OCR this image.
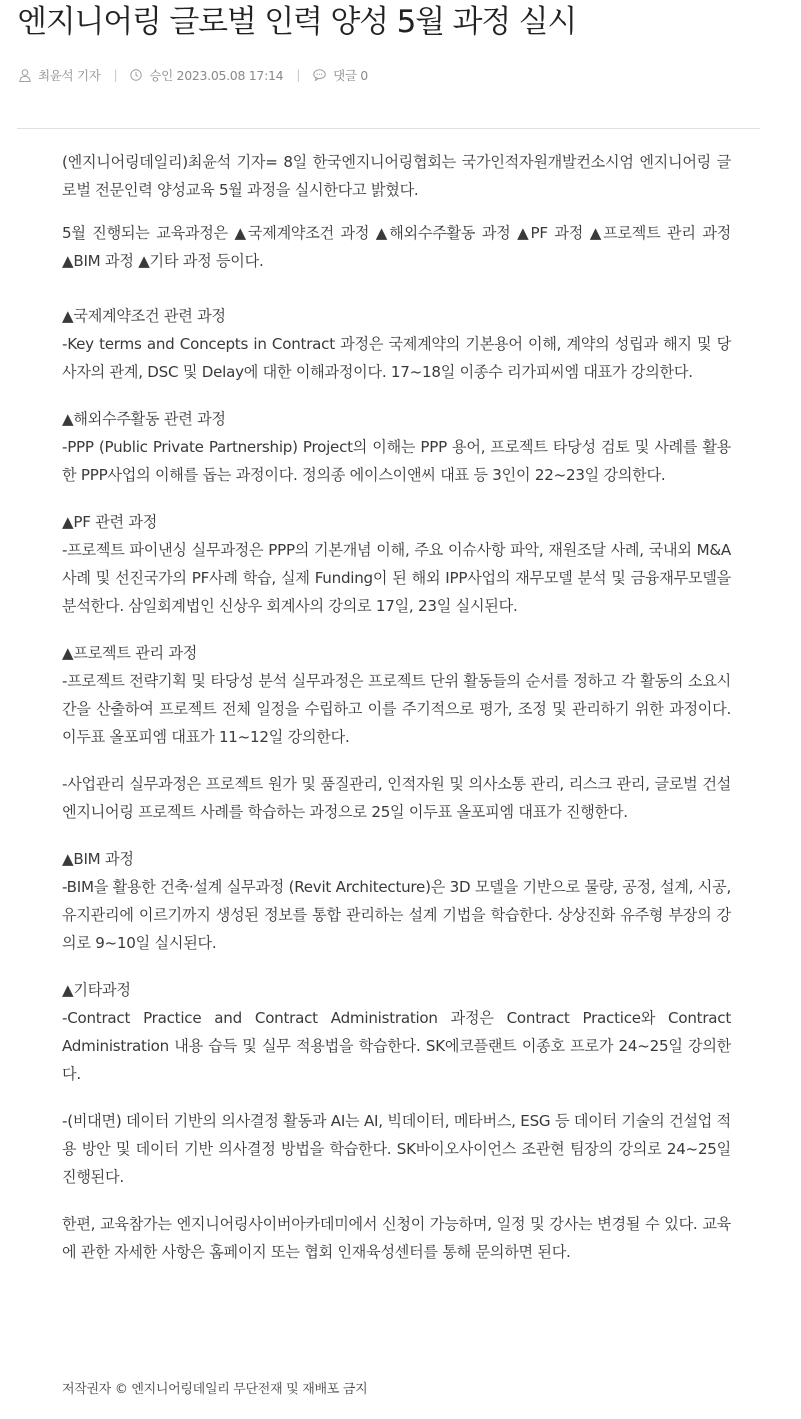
엔지니어링 글로벌 인력 양성 5월 과정 실시
최윤석 기자 |	승인 2023.05.08 17:14 |	댓글 0

(엔지니어링데일리)최윤석 기자= 8일 한국엔지니어링협회는 국가인적자원개발컨소시엄 엔지니어링 글로벌 전문인력 양성교육 5월 과정을 실시한다고 밝혔다.

5월 진행되는 교육과정은 ▲국제계약조건 과정 ▲해외수주활동 과정 ▲PF 과정 ▲프로젝트 관리 과정 ▲BIM 과정 ▲기타 과정 등이다.

▲국제계약조건 관련 과정
-Key terms and Concepts in Contract 과정은 국제계약의 기본용어 이해, 계약의 성립과 해지 및 당사자의 관계, DSC 및 Delay에 대한 이해과정이다. 17~18일 이종수 리가피씨엠 대표가 강의한다.

▲해외수주활동 관련 과정
-PPP (Public Private Partnership) Project의 이해는 PPP 용어, 프로젝트 타당성 검토 및 사례를 활용한 PPP사업의 이해를 돕는 과정이다. 정의종 에이스이앤씨 대표 등 3인이 22~23일 강의한다.

▲PF 관련 과정
-프로젝트 파이낸싱 실무과정은 PPP의 기본개념 이해, 주요 이슈사항 파악, 재원조달 사례, 국내외 M&A 사례 및 선진국가의 PF사례 학습, 실제 Funding이 된 해외 IPP사업의 재무모델 분석 및 금융재무모델을 분석한다. 삼일회계법인 신상우 회계사의 강의로 17일, 23일 실시된다.

▲프로젝트 관리 과정
-프로젝트 전략기획 및 타당성 분석 실무과정은 프로젝트 단위 활동들의 순서를 정하고 각 활동의 소요시간을 산출하여 프로젝트 전체 일정을 수립하고 이를 주기적으로 평가, 조정 및 관리하기 위한 과정이다. 이두표 올포피엠 대표가 11~12일 강의한다.

-사업관리 실무과정은 프로젝트 원가 및 품질관리, 인적자원 및 의사소통 관리, 리스크 관리, 글로벌 건설엔지니어링 프로젝트 사례를 학습하는 과정으로 25일 이두표 올포피엠 대표가 진행한다.

▲BIM 과정
-BIM을 활용한 건축·설계 실무과정 (Revit Architecture)은 3D 모델을 기반으로 물량, 공정, 설계, 시공, 유지관리에 이르기까지 생성된 정보를 통합 관리하는 설계 기법을 학습한다. 상상진화 유주형 부장의 강의로 9~10일 실시된다.

▲기타과정
-Contract Practice and Contract Administration 과정은 Contract Practice와 Contract Administration 내용 습득 및 실무 적용법을 학습한다. SK에코플랜트 이종호 프로가 24~25일 강의한다.

-(비대면) 데이터 기반의 의사결정 활동과 AI는 AI, 빅데이터, 메타버스, ESG 등 데이터 기술의 건설업 적용 방안 및 데이터 기반 의사결정 방법을 학습한다. SK바이오사이언스 조관현 팀장의 강의로 24~25일 진행된다.

한편, 교육참가는 엔지니어링사이버아카데미에서 신청이 가능하며, 일정 및 강사는 변경될 수 있다. 교육에 관한 자세한 사항은 홈페이지 또는 협회 인재육성센터를 통해 문의하면 된다.

저작권자 © 엔지니어링데일리 무단전재 및 재배포 금지
